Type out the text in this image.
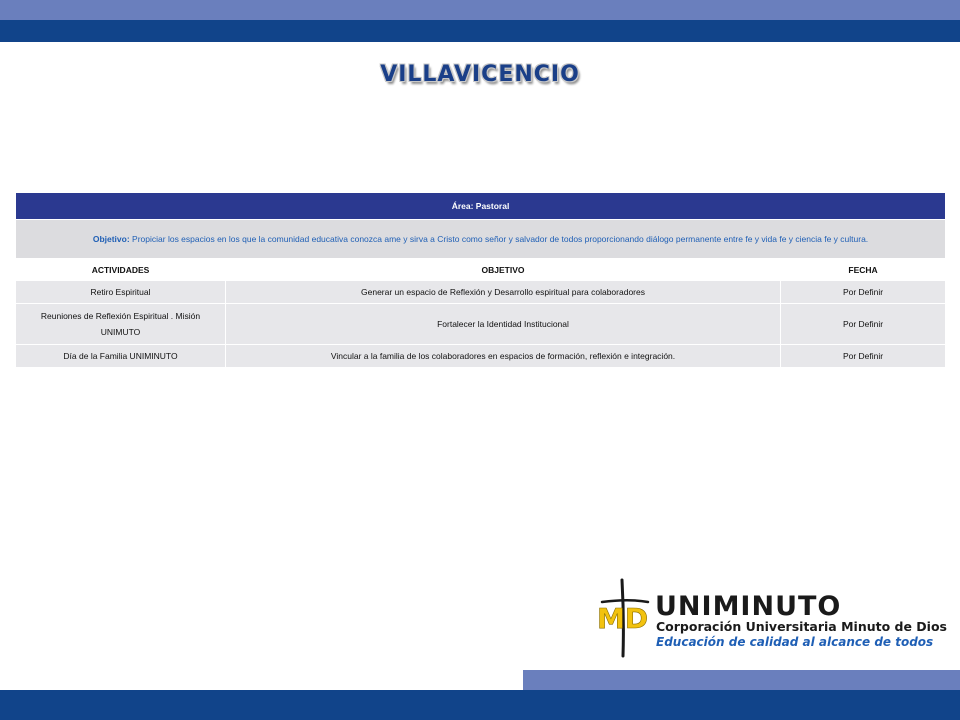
VILLAVICENCIO
Área: Pastoral		
Objetivo: Propiciar los espacios en los que la comunidad educativa conozca ame y sirva a Cristo como señor y salvador de todos proporcionando diálogo permanente entre fe y vida fe y ciencia fe y cultura.		
ACTIVIDADES	OBJETIVO	FECHA
Retiro Espiritual	Generar un espacio de Reflexión y Desarrollo espiritual para colaboradores	Por Definir
Reuniones de Reflexión Espiritual . Misión UNIMUTO	Fortalecer la Identidad Institucional	Por Definir
Día de la Familia UNIMINUTO	Vincular a la familia de los colaboradores en espacios de formación, reflexión e integración.	Por Definir
MD UNIMINUTO
Corporación Universitaria Minuto de Dios
Educación de calidad al alcance de todos
